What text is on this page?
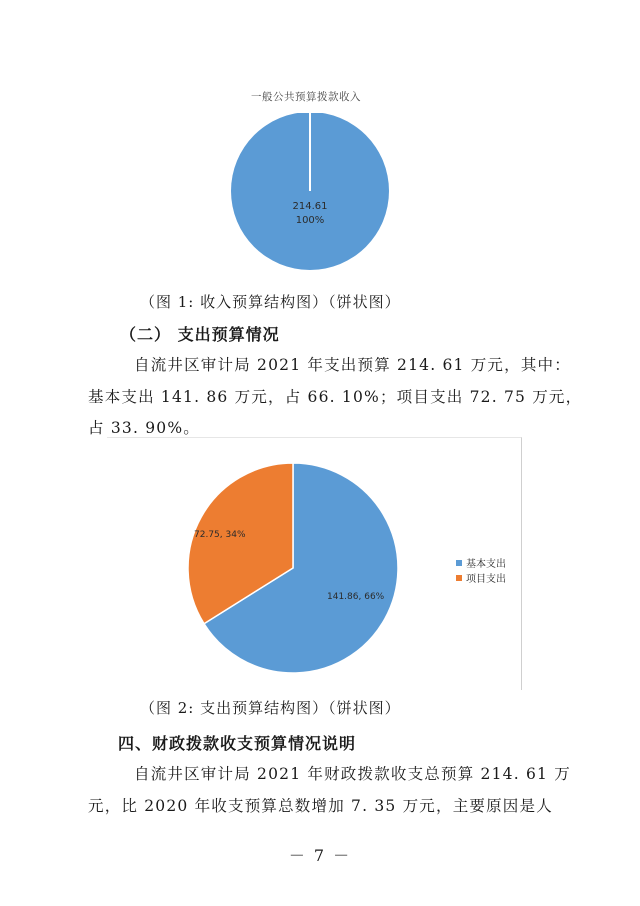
一般公共预算拨款收入
214.61
100%
（图 1: 收入预算结构图）（饼状图）
（二） 支出预算情况
自流井区审计局 2021 年支出预算 214. 61 万元，其中：
基本支出 141. 86 万元，占 66. 10%；项目支出 72. 75 万元，
占 33. 90%。
72.75, 34%
141.86, 66%
基本支出
项目支出
（图 2: 支出预算结构图）（饼状图）
四、财政拨款收支预算情况说明
自流井区审计局 2021 年财政拨款收支总预算 214. 61 万
元，比 2020 年收支预算总数增加 7. 35 万元，主要原因是人
－ 7 －
